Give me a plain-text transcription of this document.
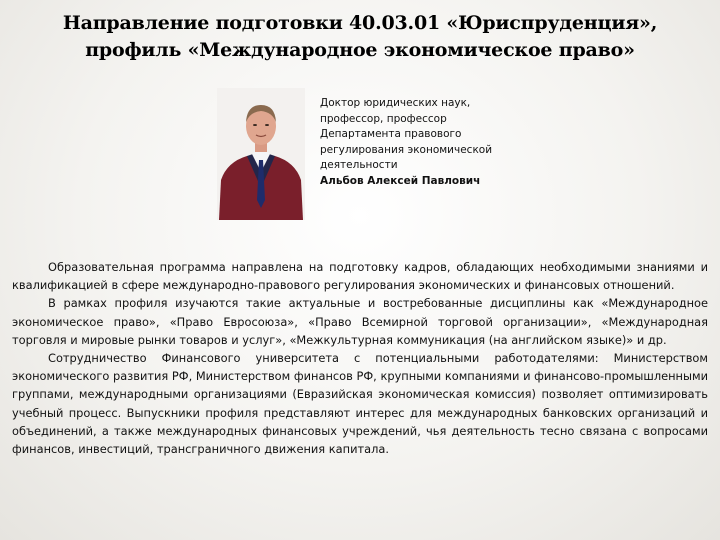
Направление подготовки 40.03.01 «Юриспруденция»,
профиль «Международное экономическое право»
Доктор юридических наук,
профессор, профессор
Департамента правового
регулирования экономической
деятельности
Альбов Алексей Павлович

Образовательная программа направлена на подготовку кадров, обладающих необходимыми знаниями и квалификацией в сфере международно-правового регулирования экономических и финансовых отношений.

В рамках профиля изучаются такие актуальные и востребованные дисциплины как «Международное экономическое право», «Право Евросоюза», «Право Всемирной торговой организации», «Международная торговля и мировые рынки товаров и услуг», «Межкультурная коммуникация (на английском языке)» и др.

Сотрудничество Финансового университета с потенциальными работодателями: Министерством экономического развития РФ, Министерством финансов РФ, крупными компаниями и финансово-промышленными группами, международными организациями (Евразийская экономическая комиссия) позволяет оптимизировать учебный процесс. Выпускники профиля представляют интерес для международных банковских организаций и объединений, а также международных финансовых учреждений, чья деятельность тесно связана с вопросами финансов, инвестиций, трансграничного движения капитала.
